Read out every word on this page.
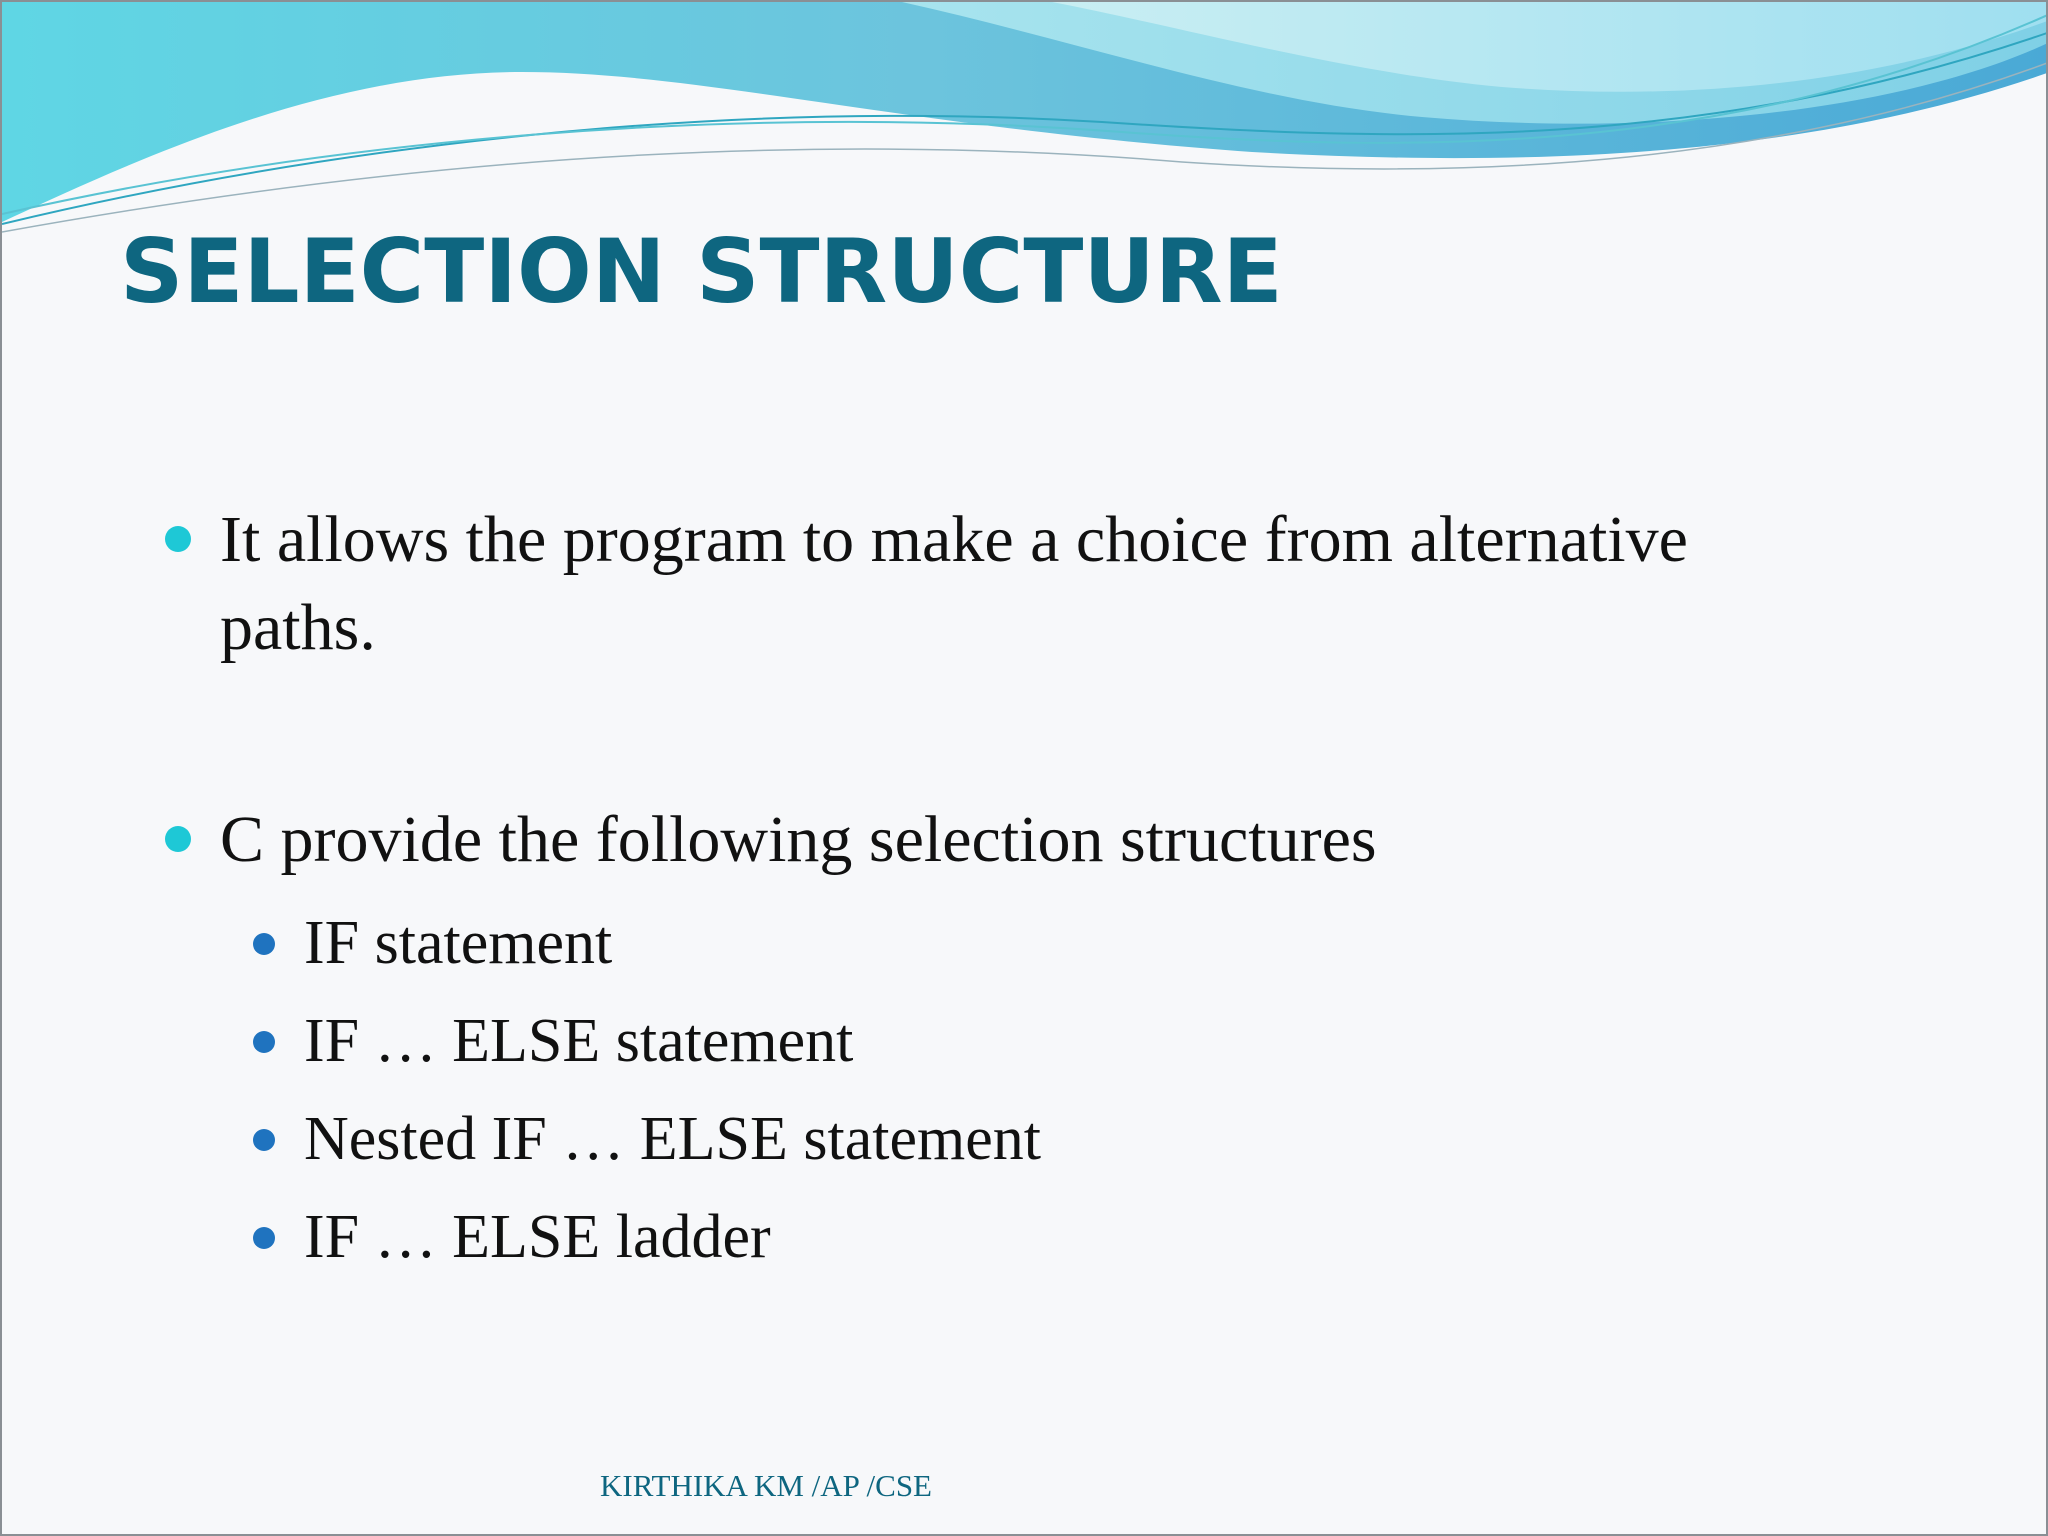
SELECTION STRUCTURE
It allows the program to make a choice from alternative paths.
C provide the following selection structures
IF statement
IF … ELSE statement
Nested IF … ELSE statement
IF … ELSE ladder
KIRTHIKA KM /AP /CSE
